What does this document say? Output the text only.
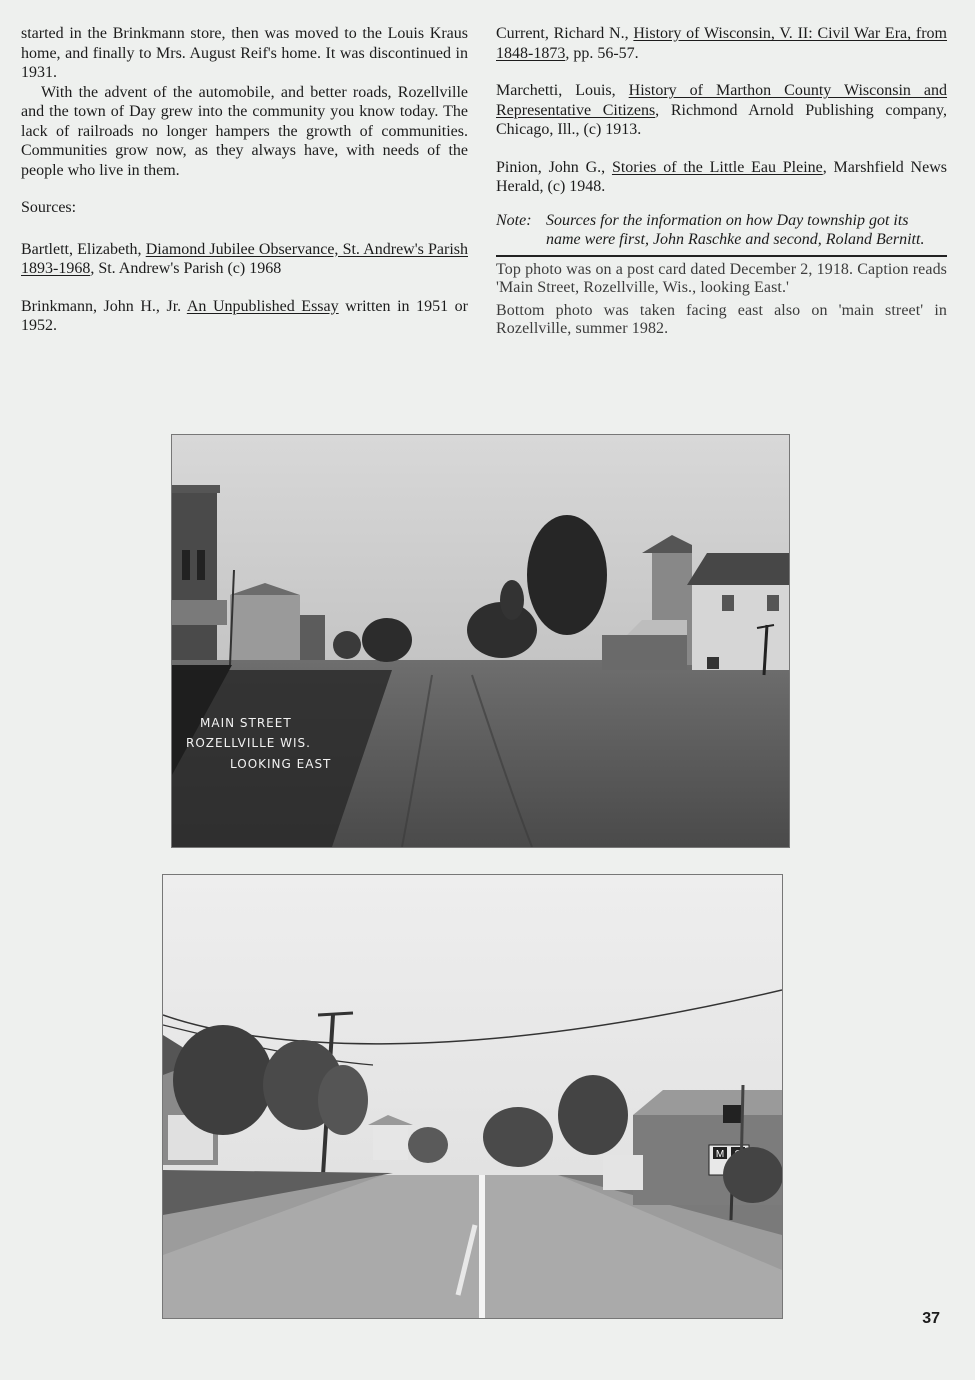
started in the Brinkmann store, then was moved to the Louis Kraus home, and finally to Mrs. August Reif's home. It was discontinued in 1931.

With the advent of the automobile, and better roads, Rozellville and the town of Day grew into the community you know today. The lack of railroads no longer hampers the growth of communities. Communities grow now, as they always have, with needs of the people who live in them.

Sources:

Bartlett, Elizabeth, Diamond Jubilee Observance, St. Andrew's Parish 1893-1968, St. Andrew's Parish (c) 1968

Brinkmann, John H., Jr. An Unpublished Essay written in 1951 or 1952.

Current, Richard N., History of Wisconsin, V. II: Civil War Era, from 1848-1873, pp. 56-57.

Marchetti, Louis, History of Marthon County Wisconsin and Representative Citizens, Richmond Arnold Publishing company, Chicago, Ill., (c) 1913.

Pinion, John G., Stories of the Little Eau Pleine, Marshfield News Herald, (c) 1948.

Note: Sources for the information on how Day township got its name were first, John Raschke and second, Roland Bernitt.

Top photo was on a post card dated December 2, 1918. Caption reads 'Main Street, Rozellville, Wis., looking East.'

Bottom photo was taken facing east also on 'main street' in Rozellville, summer 1982.

MAIN STREET
ROZELLVILLE WIS.
LOOKING EAST
M
37
